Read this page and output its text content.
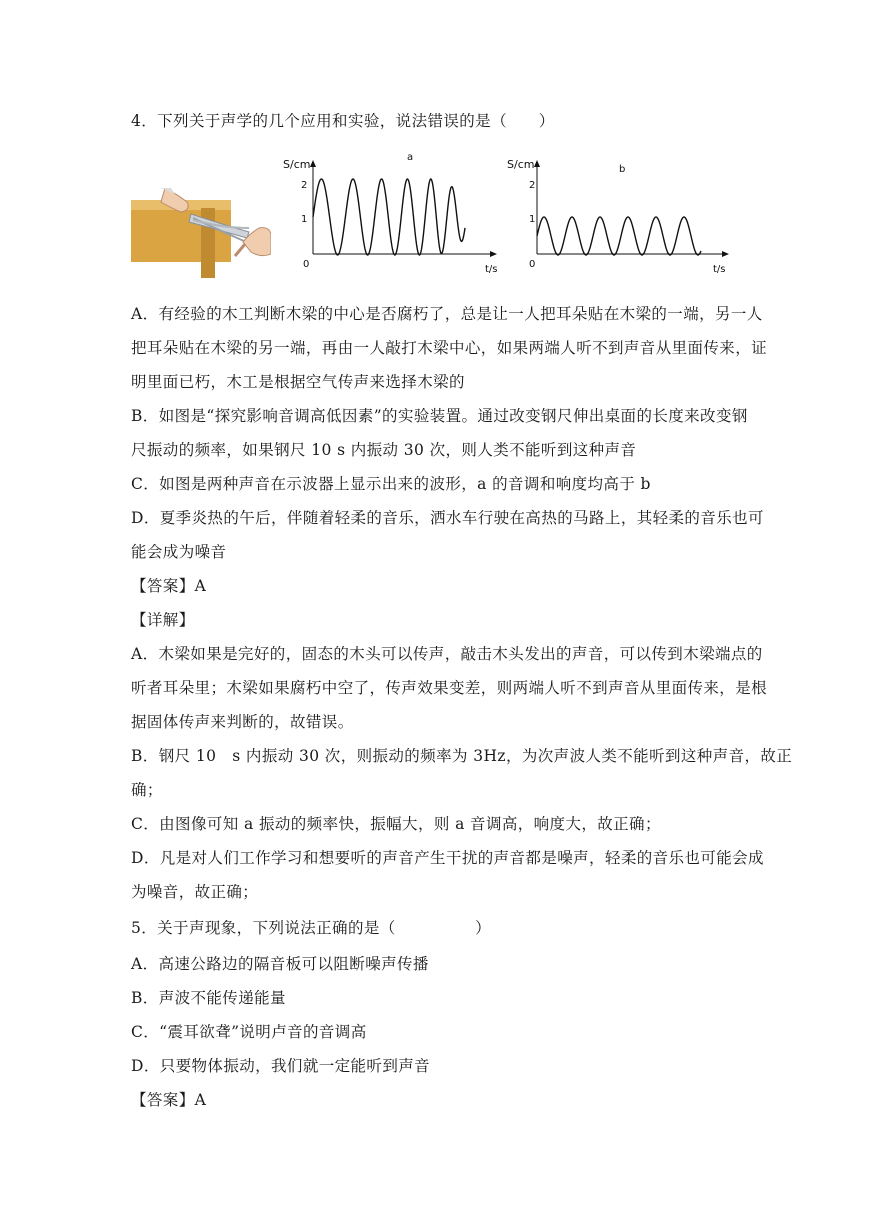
4．下列关于声学的几个应用和实验，说法错误的是（　　）
S/cm
a
2
1
0	t/s
S/cm	b
2
1
0	t/s
A．有经验的木工判断木梁的中心是否腐朽了，总是让一人把耳朵贴在木梁的一端，另一人
把耳朵贴在木梁的另一端，再由一人敲打木梁中心，如果两端人听不到声音从里面传来，证
明里面已朽，木工是根据空气传声来选择木梁的
B．如图是“探究影响音调高低因素”的实验装置。通过改变钢尺伸出桌面的长度来改变钢
尺振动的频率，如果钢尺 10 s 内振动 30 次，则人类不能听到这种声音
C．如图是两种声音在示波器上显示出来的波形，a 的音调和响度均高于 b
D．夏季炎热的午后，伴随着轻柔的音乐，洒水车行驶在高热的马路上，其轻柔的音乐也可
能会成为噪音
【答案】A
【详解】
A．木梁如果是完好的，固态的木头可以传声，敲击木头发出的声音，可以传到木梁端点的
听者耳朵里；木梁如果腐朽中空了，传声效果变差，则两端人听不到声音从里面传来，是根
据固体传声来判断的，故错误。
B．钢尺 10　s 内振动 30 次，则振动的频率为 3Hz，为次声波人类不能听到这种声音，故正
确；
C．由图像可知 a 振动的频率快，振幅大，则 a 音调高，响度大，故正确；
D．凡是对人们工作学习和想要听的声音产生干扰的声音都是噪声，轻柔的音乐也可能会成
为噪音，故正确；
5．关于声现象，下列说法正确的是（　　　　　）
A．高速公路边的隔音板可以阻断噪声传播
B．声波不能传递能量
C．“震耳欲聋”说明卢音的音调高
D．只要物体振动，我们就一定能听到声音
【答案】A
